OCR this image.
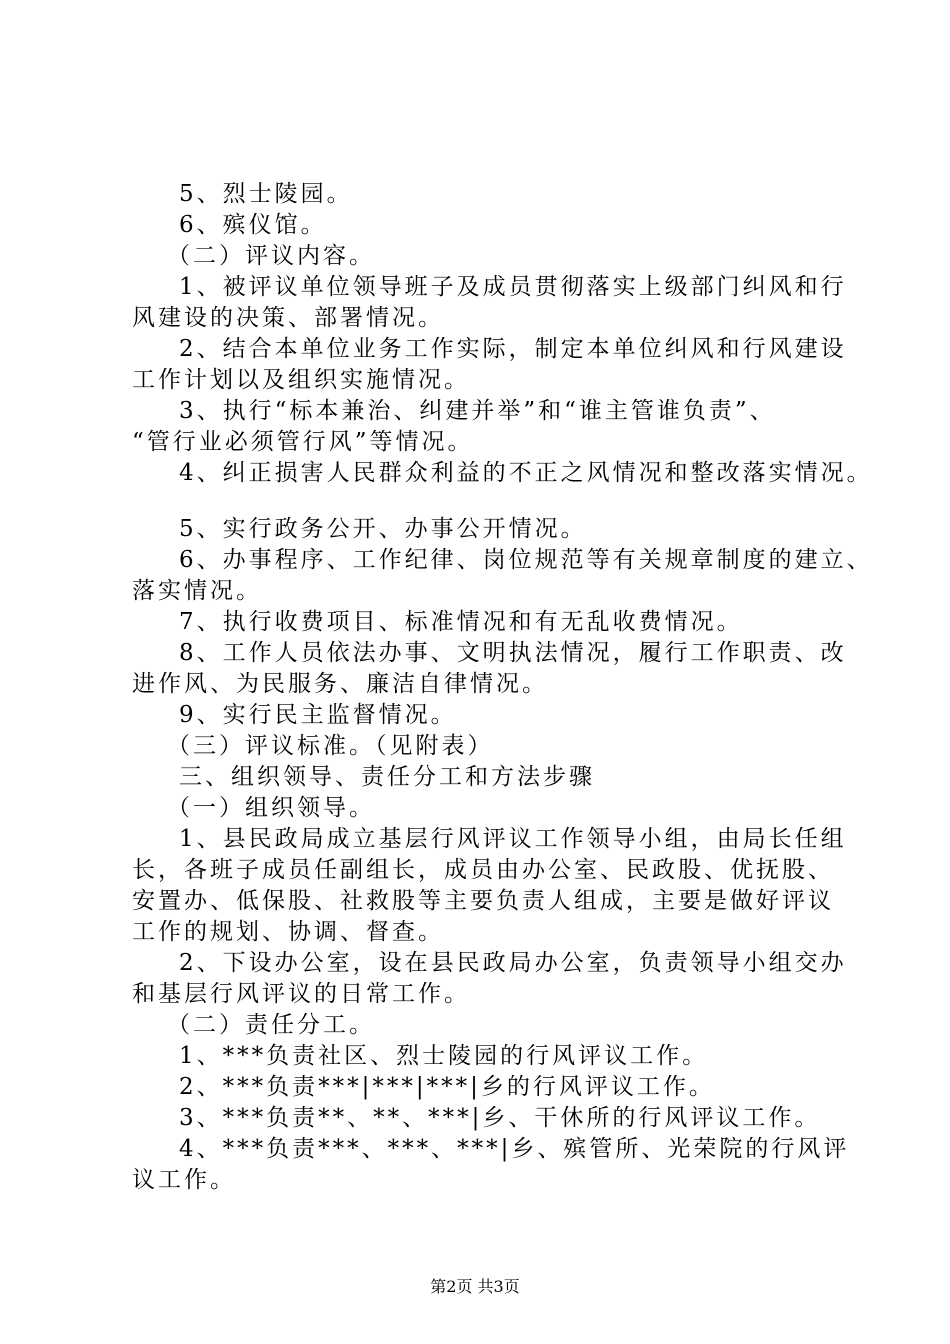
5、烈士陵园。
6、殡仪馆。
（二）评议内容。
1、被评议单位领导班子及成员贯彻落实上级部门纠风和行
风建设的决策、部署情况。
2、结合本单位业务工作实际，制定本单位纠风和行风建设
工作计划以及组织实施情况。
3、执行“标本兼治、纠建并举”和“谁主管谁负责”、
“管行业必须管行风”等情况。
4、纠正损害人民群众利益的不正之风情况和整改落实情况。
5、实行政务公开、办事公开情况。
6、办事程序、工作纪律、岗位规范等有关规章制度的建立、
落实情况。
7、执行收费项目、标准情况和有无乱收费情况。
8、工作人员依法办事、文明执法情况，履行工作职责、改
进作风、为民服务、廉洁自律情况。
9、实行民主监督情况。
（三）评议标准。（见附表）
三、组织领导、责任分工和方法步骤
（一）组织领导。
1、县民政局成立基层行风评议工作领导小组，由局长任组
长，各班子成员任副组长，成员由办公室、民政股、优抚股、
安置办、低保股、社救股等主要负责人组成，主要是做好评议
工作的规划、协调、督查。
2、下设办公室，设在县民政局办公室，负责领导小组交办
和基层行风评议的日常工作。
（二）责任分工。
1、***负责社区、烈士陵园的行风评议工作。
2、***负责***|***|***|乡的行风评议工作。
3、***负责**、**、***|乡、干休所的行风评议工作。
4、***负责***、***、***|乡、殡管所、光荣院的行风评
议工作。
第2页 共3页
